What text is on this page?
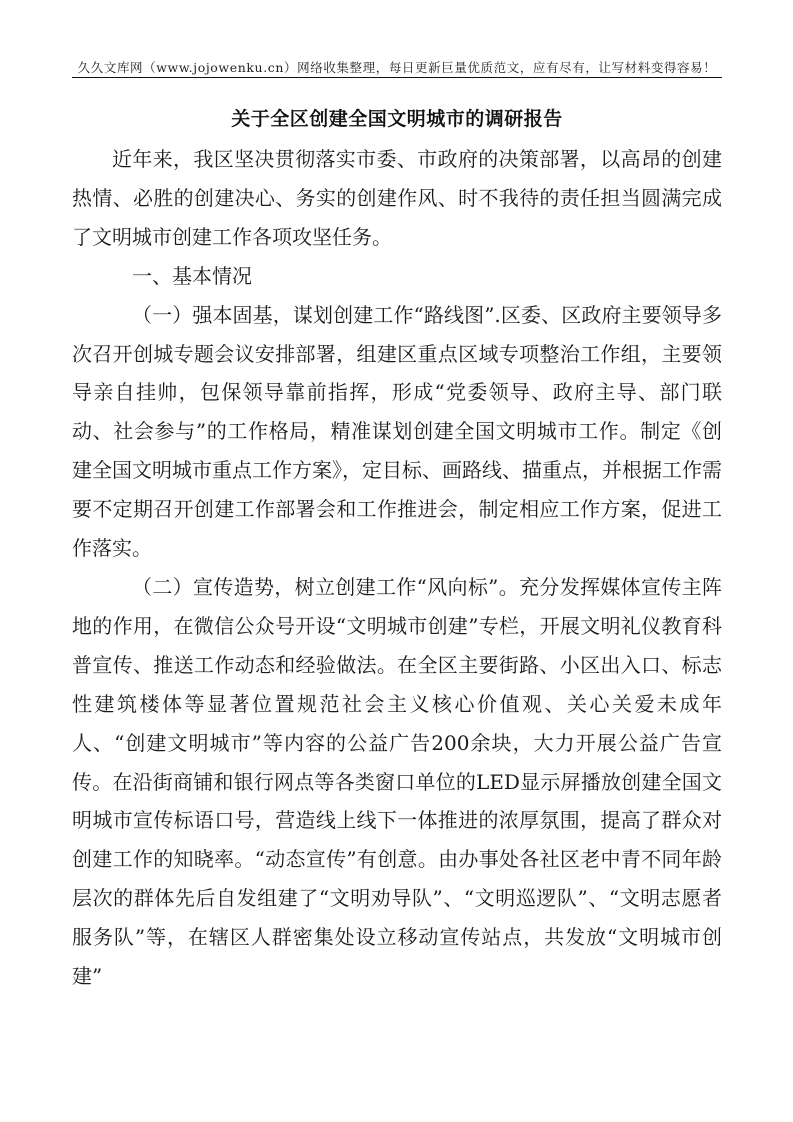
久久文库网（www.jojowenku.cn）网络收集整理，每日更新巨量优质范文，应有尽有，让写材料变得容易！
关于全区创建全国文明城市的调研报告

近年来，我区坚决贯彻落实市委、市政府的决策部署，以高昂的创建热情、必胜的创建决心、务实的创建作风、时不我待的责任担当圆满完成了文明城市创建工作各项攻坚任务。

一、基本情况

（一）强本固基，谋划创建工作“路线图”.区委、区政府主要领导多次召开创城专题会议安排部署，组建区重点区域专项整治工作组，主要领导亲自挂帅，包保领导靠前指挥，形成“党委领导、政府主导、部门联动、社会参与”的工作格局，精准谋划创建全国文明城市工作。制定《创建全国文明城市重点工作方案》，定目标、画路线、描重点，并根据工作需要不定期召开创建工作部署会和工作推进会，制定相应工作方案，促进工作落实。

（二）宣传造势，树立创建工作“风向标”。充分发挥媒体宣传主阵地的作用，在微信公众号开设“文明城市创建”专栏，开展文明礼仪教育科普宣传、推送工作动态和经验做法。在全区主要街路、小区出入口、标志性建筑楼体等显著位置规范社会主义核心价值观、关心关爱未成年人、“创建文明城市”等内容的公益广告200余块，大力开展公益广告宣传。在沿街商铺和银行网点等各类窗口单位的LED显示屏播放创建全国文明城市宣传标语口号，营造线上线下一体推进的浓厚氛围，提高了群众对创建工作的知晓率。“动态宣传”有创意。由办事处各社区老中青不同年龄层次的群体先后自发组建了“文明劝导队”、“文明巡逻队”、“文明志愿者服务队”等，在辖区人群密集处设立移动宣传站点，共发放“文明城市创建”
